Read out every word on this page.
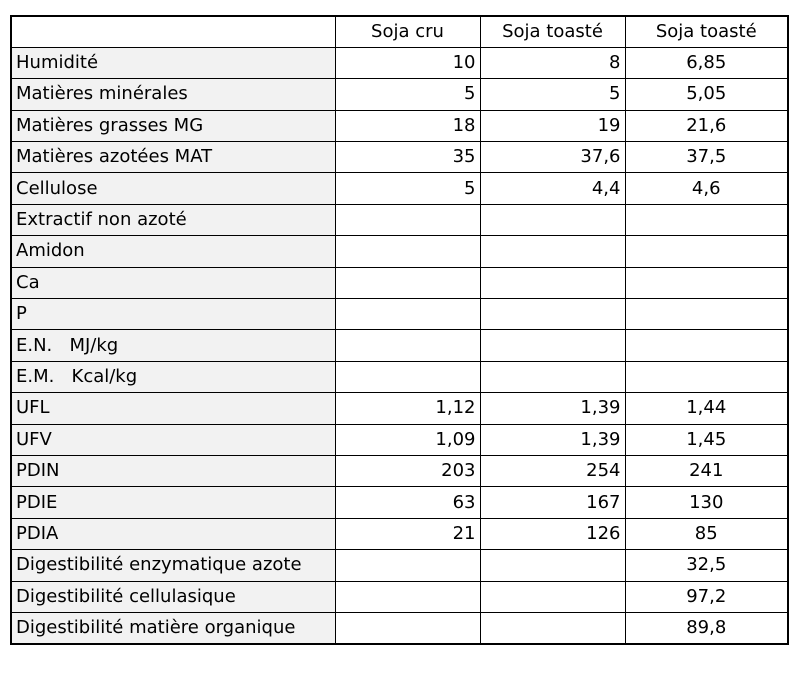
	Soja cru	Soja toasté	Soja toasté
Humidité	10	8	6,85
Matières minérales	5	5	5,05
Matières grasses MG	18	19	21,6
Matières azotées MAT	35	37,6	37,5
Cellulose	5	4,4	4,6
Extractif non azoté			
Amidon			
Ca			
P			
E.N.   MJ/kg			
E.M.   Kcal/kg			
UFL	1,12	1,39	1,44
UFV	1,09	1,39	1,45
PDIN	203	254	241
PDIE	63	167	130
PDIA	21	126	85
Digestibilité enzymatique azote			32,5
Digestibilité cellulasique			97,2
Digestibilité matière organique			89,8
